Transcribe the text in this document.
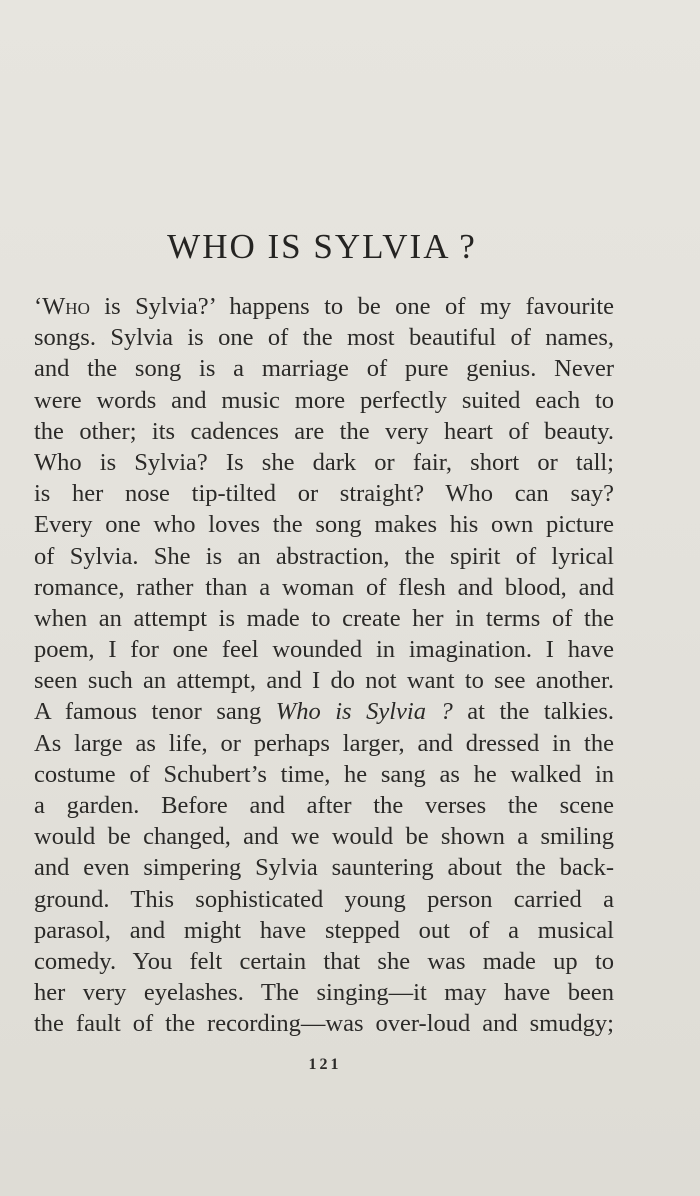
WHO IS SYLVIA ?
‘Who is Sylvia?’ happens to be one of my favourite
songs. Sylvia is one of the most beautiful of names,
and the song is a marriage of pure genius. Never
were words and music more perfectly suited each to
the other; its cadences are the very heart of beauty.
Who is Sylvia? Is she dark or fair, short or tall;
is her nose tip-tilted or straight? Who can say?
Every one who loves the song makes his own picture
of Sylvia. She is an abstraction, the spirit of lyrical
romance, rather than a woman of flesh and blood, and
when an attempt is made to create her in terms of the
poem, I for one feel wounded in imagination. I have
seen such an attempt, and I do not want to see another.
A famous tenor sang Who is Sylvia ? at the talkies.
As large as life, or perhaps larger, and dressed in the
costume of Schubert’s time, he sang as he walked in
a garden. Before and after the verses the scene
would be changed, and we would be shown a smiling
and even simpering Sylvia sauntering about the back-
ground. This sophisticated young person carried a
parasol, and might have stepped out of a musical
comedy. You felt certain that she was made up to
her very eyelashes. The singing—it may have been
the fault of the recording—was over-loud and smudgy;
121
